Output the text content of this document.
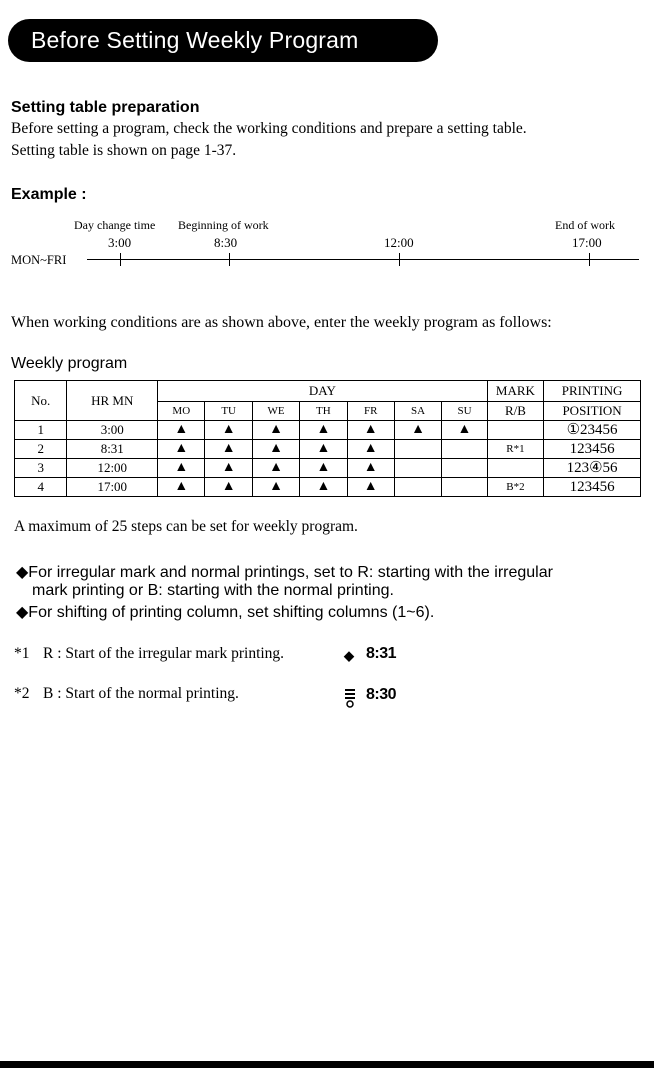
Before Setting Weekly Program
Setting table preparation
Before setting a program, check the working conditions and prepare a setting table.
Setting table is shown on page 1-37.
Example :
Day change time Beginning of work	End of work
3:00	8:30	12:00	17:00
MON~FRI
When working conditions are as shown above, enter the weekly program as follows:
Weekly program
No.	HR MN	DAY							MARK	PRINTING
		MO	TU	WE	TH	FR	SA	SU	R/B	POSITION
1	3:00	▲	▲	▲	▲	▲	▲	▲		①23456
2	8:31	▲	▲	▲	▲	▲			R*1	123456
3	12:00	▲	▲	▲	▲	▲				123④56
4	17:00	▲	▲	▲	▲	▲			B*2	123456
A maximum of 25 steps can be set for weekly program.
◆For irregular mark and normal printings, set to R: starting with the irregular
mark printing or B: starting with the normal printing.
◆For shifting of printing column, set shifting columns (1~6).
*1 R : Start of the irregular mark printing.	◆ 8:31
*2 B : Start of the normal printing.	8:30
